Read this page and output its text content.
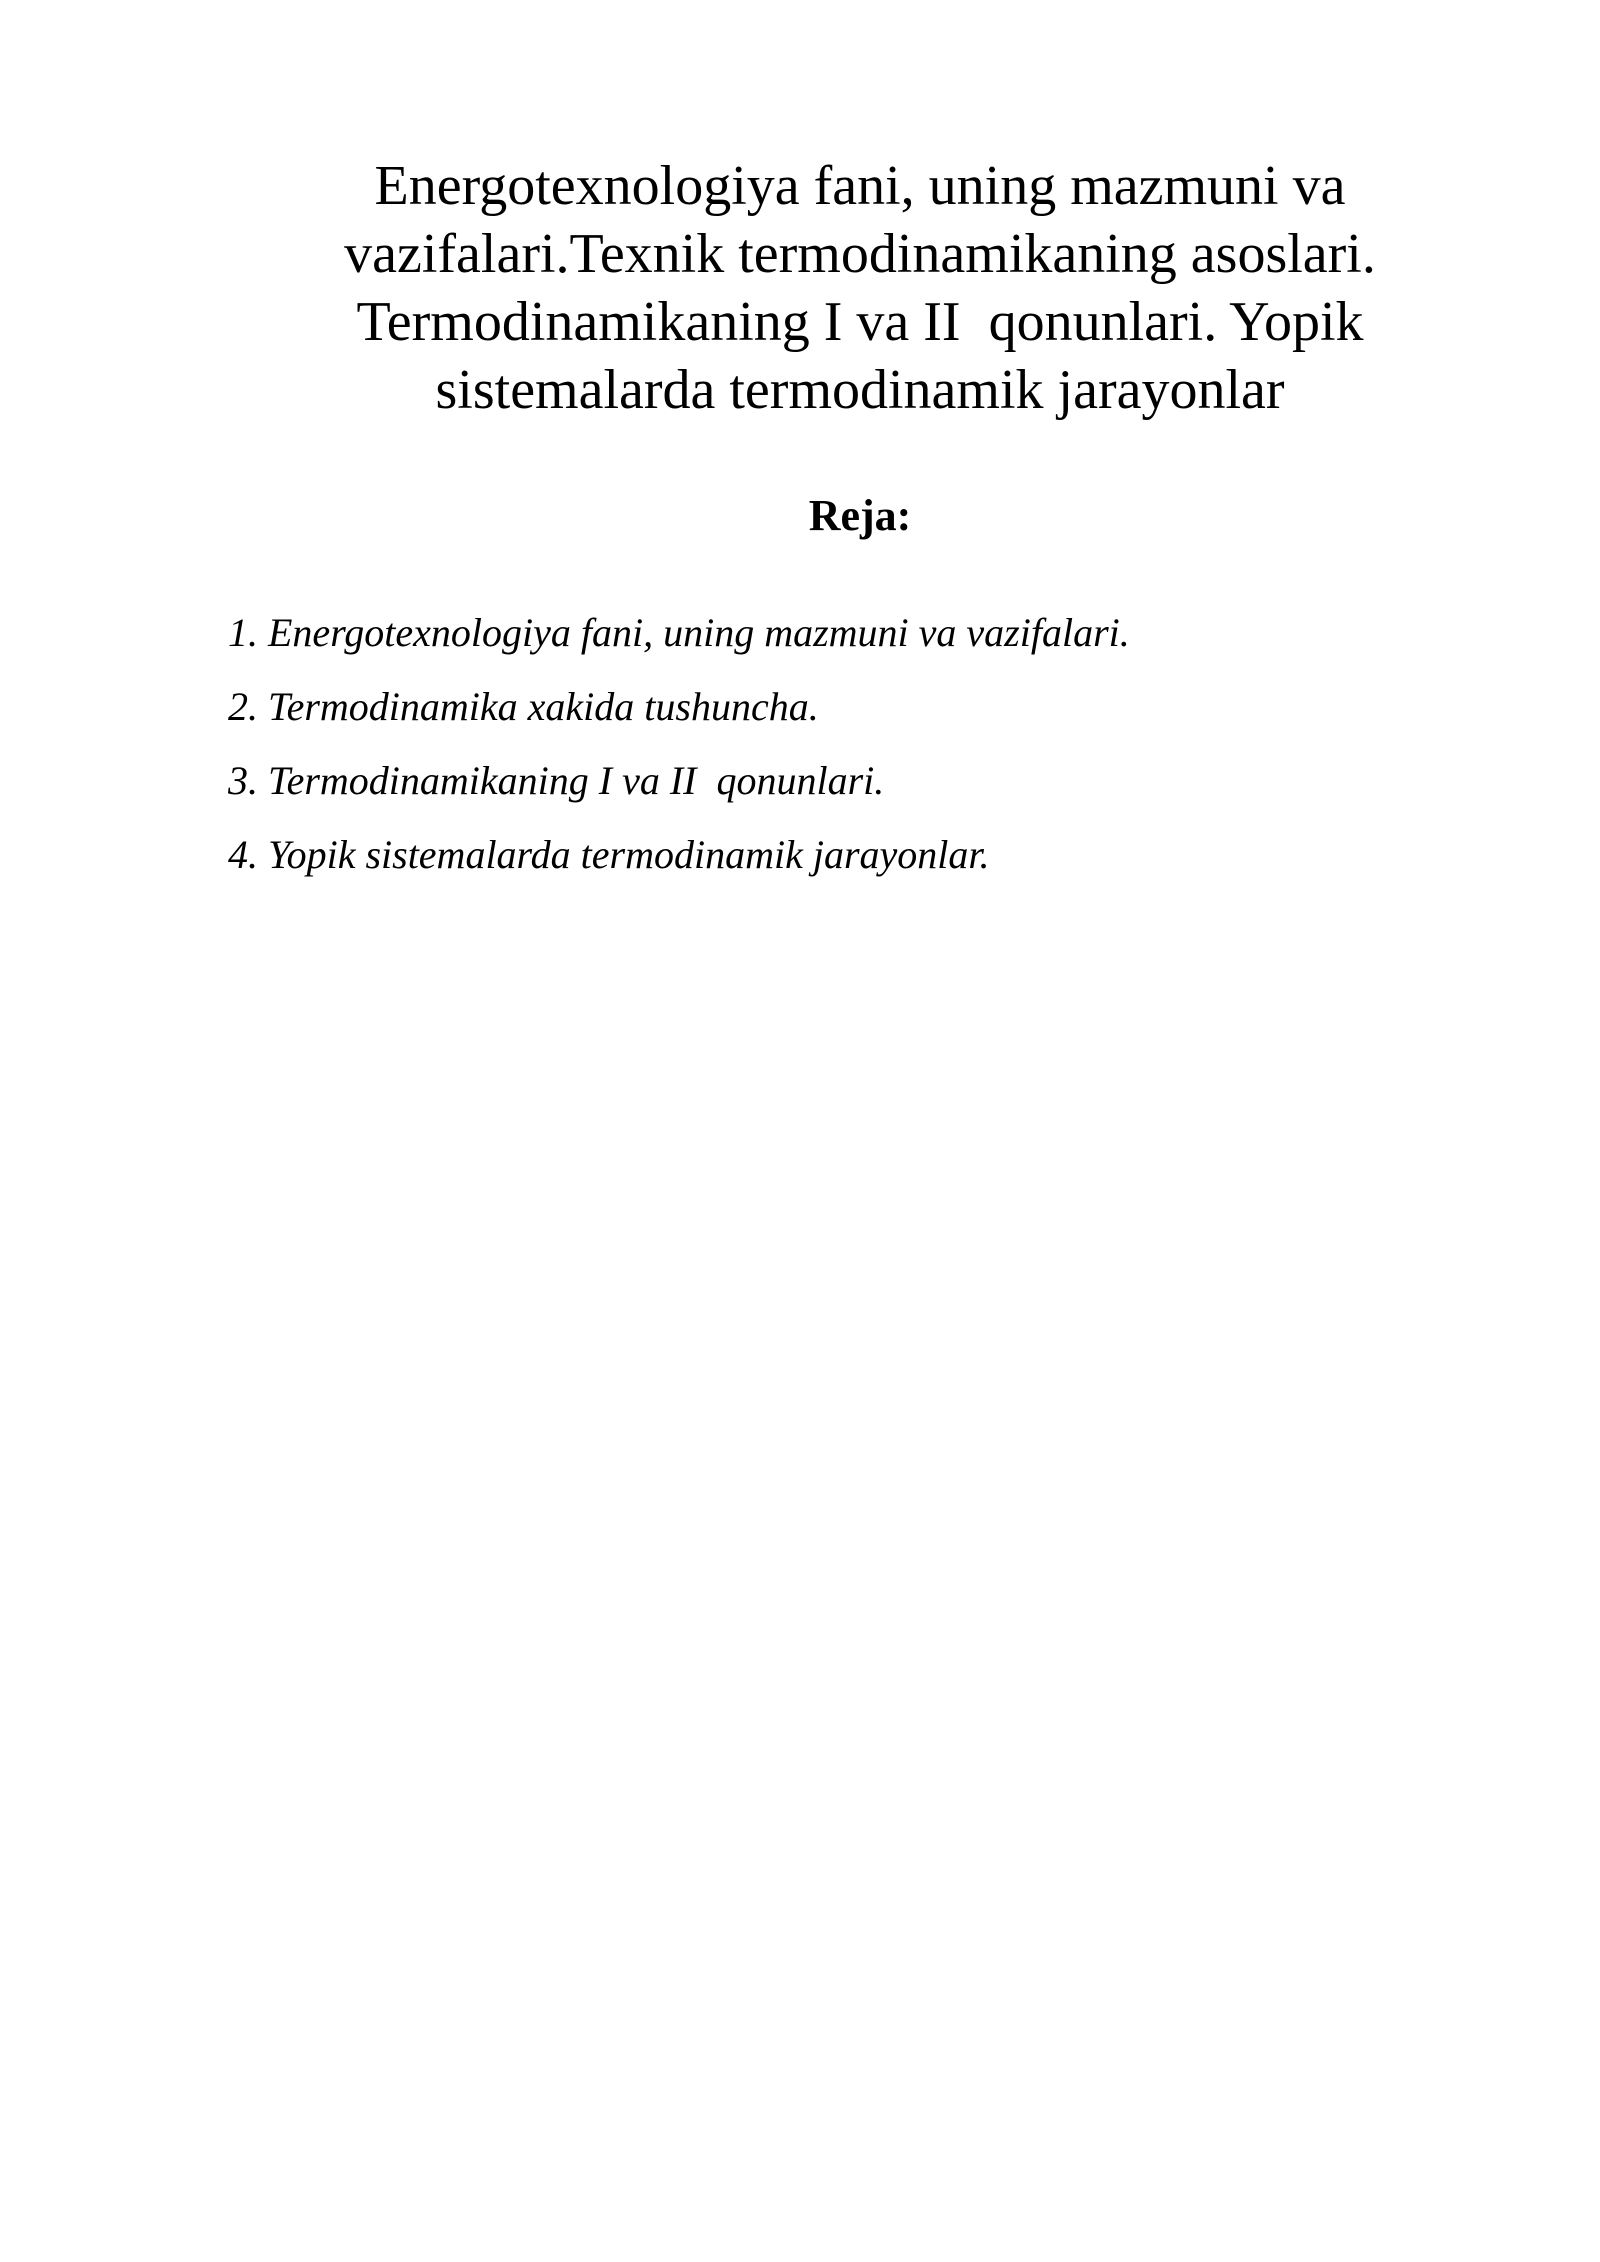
Energotexnologiya fani, uning mazmuni va
vazifalari.Texnik termodinamikaning asoslari.
Termodinamikaning I va II  qonunlari. Yopik
sistemalarda termodinamik jarayonlar
Reja:
1. Energotexnologiya fani, uning mazmuni va vazifalari.
2. Termodinamika xakida tushuncha.
3. Termodinamikaning I va II  qonunlari.
4. Yopik sistemalarda termodinamik jarayonlar.
